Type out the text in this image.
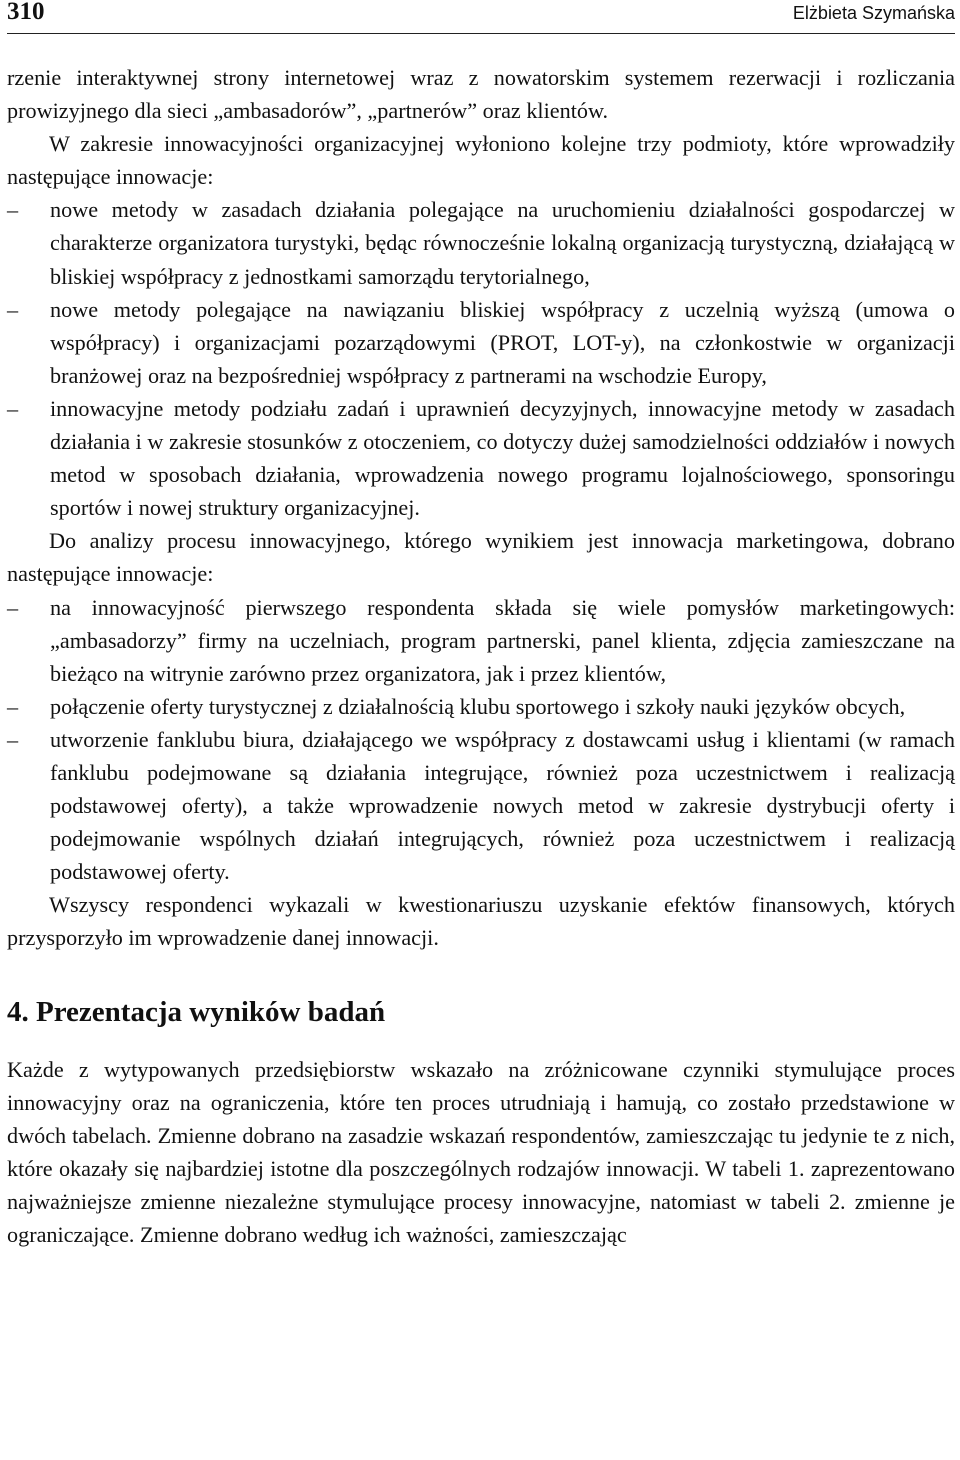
310	Elżbieta Szymańska

rzenie interaktywnej strony internetowej wraz z nowatorskim systemem rezerwacji i rozliczania prowizyjnego dla sieci „ambasadorów”, „partnerów” oraz klientów.

W zakresie innowacyjności organizacyjnej wyłoniono kolejne trzy podmioty, które wprowadziły następujące innowacje:

–	nowe metody w zasadach działania polegające na uruchomieniu działalności gospodarczej w charakterze organizatora turystyki, będąc równocześnie lokalną organizacją turystyczną, działającą w bliskiej współpracy z jednostkami samorządu terytorialnego,
–	nowe metody polegające na nawiązaniu bliskiej współpracy z uczelnią wyższą (umowa o współpracy) i organizacjami pozarządowymi (PROT, LOT-y), na członkostwie w organizacji branżowej oraz na bezpośredniej współpracy z partnerami na wschodzie Europy,
–	innowacyjne metody podziału zadań i uprawnień decyzyjnych, innowacyjne metody w zasadach działania i w zakresie stosunków z otoczeniem, co dotyczy dużej samodzielności oddziałów i nowych metod w sposobach działania, wprowadzenia nowego programu lojalnościowego, sponsoringu sportów i nowej struktury organizacyjnej.

Do analizy procesu innowacyjnego, którego wynikiem jest innowacja marketingowa, dobrano następujące innowacje:

–	na innowacyjność pierwszego respondenta składa się wiele pomysłów marketingowych: „ambasadorzy” firmy na uczelniach, program partnerski, panel klienta, zdjęcia zamieszczane na bieżąco na witrynie zarówno przez organizatora, jak i przez klientów,
–	połączenie oferty turystycznej z działalnością klubu sportowego i szkoły nauki języków obcych,
–	utworzenie fanklubu biura, działającego we współpracy z dostawcami usług i klientami (w ramach fanklubu podejmowane są działania integrujące, również poza uczestnictwem i realizacją podstawowej oferty), a także wprowadzenie nowych metod w zakresie dystrybucji oferty i podejmowanie wspólnych działań integrujących, również poza uczestnictwem i realizacją podstawowej oferty.

Wszyscy respondenci wykazali w kwestionariuszu uzyskanie efektów finansowych, których przysporzyło im wprowadzenie danej innowacji.

4. Prezentacja wyników badań

Każde z wytypowanych przedsiębiorstw wskazało na zróżnicowane czynniki stymulujące proces innowacyjny oraz na ograniczenia, które ten proces utrudniają i hamują, co zostało przedstawione w dwóch tabelach. Zmienne dobrano na zasadzie wskazań respondentów, zamieszczając tu jedynie te z nich, które okazały się najbardziej istotne dla poszczególnych rodzajów innowacji. W tabeli 1. zaprezentowano najważniejsze zmienne niezależne stymulujące procesy innowacyjne, natomiast w tabeli 2. zmienne je ograniczające. Zmienne dobrano według ich ważności, zamieszczając
